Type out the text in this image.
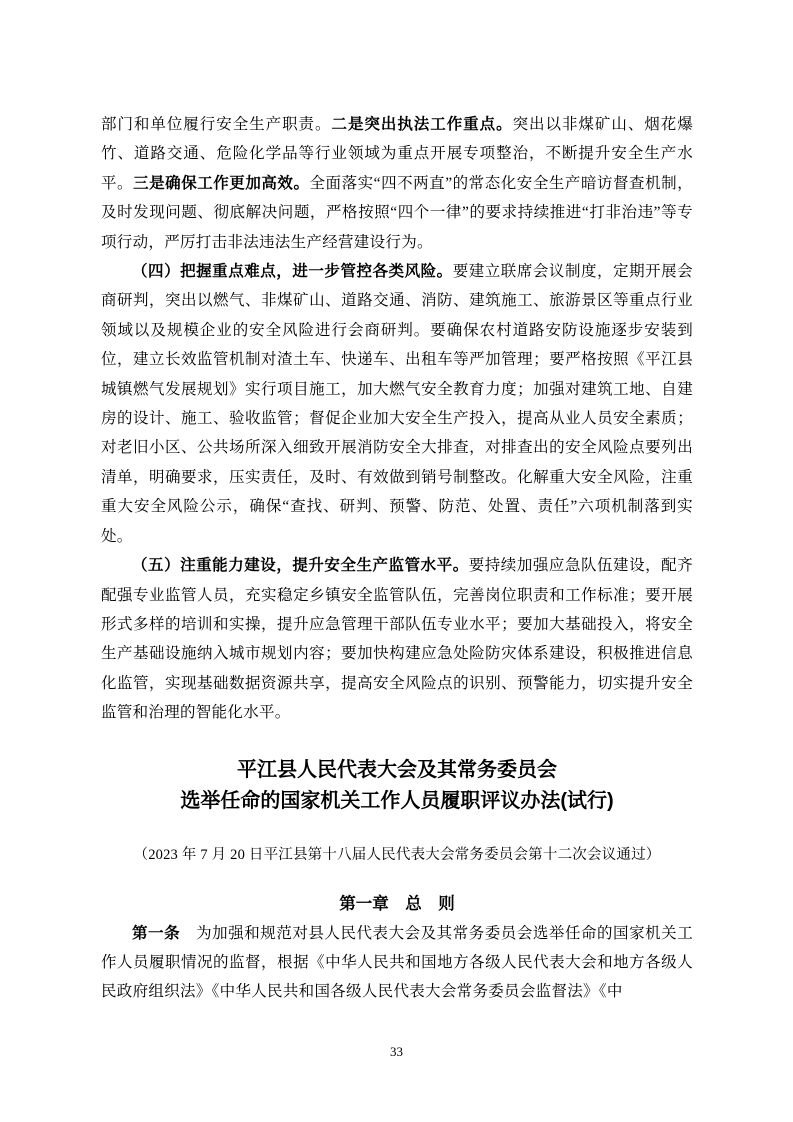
部门和单位履行安全生产职责。二是突出执法工作重点。突出以非煤矿山、烟花爆竹、道路交通、危险化学品等行业领域为重点开展专项整治，不断提升安全生产水平。三是确保工作更加高效。全面落实“四不两直”的常态化安全生产暗访督查机制，及时发现问题、彻底解决问题，严格按照“四个一律”的要求持续推进“打非治违”等专项行动，严厉打击非法违法生产经营建设行为。

（四）把握重点难点，进一步管控各类风险。要建立联席会议制度，定期开展会商研判，突出以燃气、非煤矿山、道路交通、消防、建筑施工、旅游景区等重点行业领域以及规模企业的安全风险进行会商研判。要确保农村道路安防设施逐步安装到位，建立长效监管机制对渣土车、快递车、出租车等严加管理；要严格按照《平江县城镇燃气发展规划》实行项目施工，加大燃气安全教育力度；加强对建筑工地、自建房的设计、施工、验收监管；督促企业加大安全生产投入，提高从业人员安全素质；对老旧小区、公共场所深入细致开展消防安全大排查，对排查出的安全风险点要列出清单，明确要求，压实责任，及时、有效做到销号制整改。化解重大安全风险，注重重大安全风险公示，确保“查找、研判、预警、防范、处置、责任”六项机制落到实处。

（五）注重能力建设，提升安全生产监管水平。要持续加强应急队伍建设，配齐配强专业监管人员，充实稳定乡镇安全监管队伍，完善岗位职责和工作标准；要开展形式多样的培训和实操，提升应急管理干部队伍专业水平；要加大基础投入，将安全生产基础设施纳入城市规划内容；要加快构建应急处险防灾体系建设，积极推进信息化监管，实现基础数据资源共享，提高安全风险点的识别、预警能力，切实提升安全监管和治理的智能化水平。

平江县人民代表大会及其常务委员会
选举任命的国家机关工作人员履职评议办法(试行)

（2023 年 7 月 20 日平江县第十八届人民代表大会常务委员会第十二次会议通过）

第一章　总　则

第一条　为加强和规范对县人民代表大会及其常务委员会选举任命的国家机关工作人员履职情况的监督，根据《中华人民共和国地方各级人民代表大会和地方各级人民政府组织法》《中华人民共和国各级人民代表大会常务委员会监督法》《中

33
